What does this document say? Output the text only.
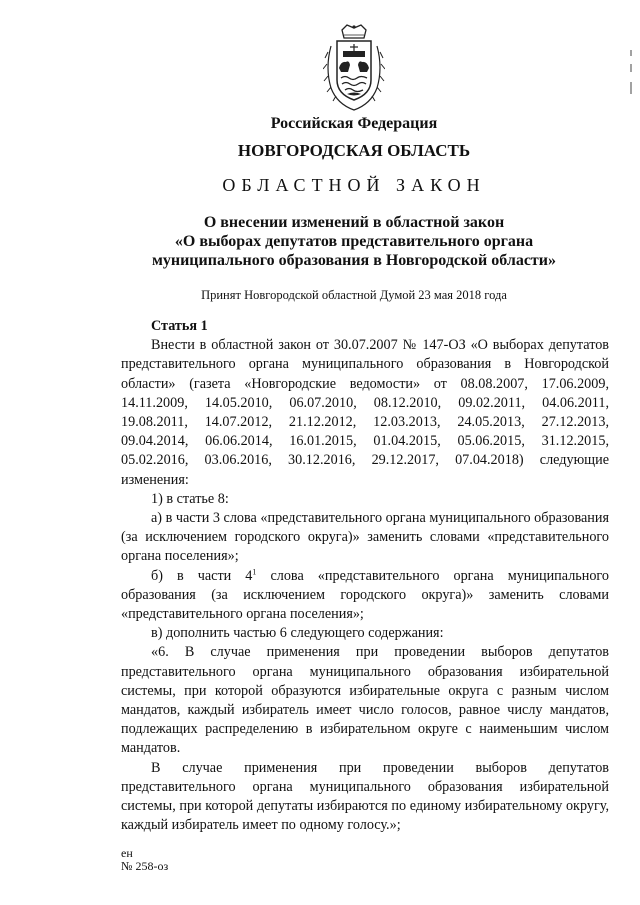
Российская Федерация
НОВГОРОДСКАЯ ОБЛАСТЬ
ОБЛАСТНОЙ ЗАКОН
О внесении изменений в областной закон
«О выборах депутатов представительного органа
муниципального образования в Новгородской области»
Принят Новгородской областной Думой 23 мая 2018 года

Статья 1

Внести в областной закон от 30.07.2007 № 147-ОЗ «О выборах депутатов представительного органа муниципального образования в Новгородской области» (газета «Новгородские ведомости» от 08.08.2007, 17.06.2009, 14.11.2009, 14.05.2010, 06.07.2010, 08.12.2010, 09.02.2011, 04.06.2011, 19.08.2011, 14.07.2012, 21.12.2012, 12.03.2013, 24.05.2013, 27.12.2013, 09.04.2014, 06.06.2014, 16.01.2015, 01.04.2015, 05.06.2015, 31.12.2015, 05.02.2016, 03.06.2016, 30.12.2016, 29.12.2017, 07.04.2018) следующие изменения:

1) в статье 8:

а) в части 3 слова «представительного органа муниципального образования (за исключением городского округа)» заменить словами «представительного органа поселения»;

б) в части $4^1$ слова «представительного органа муниципального образования (за исключением городского округа)» заменить словами «представительного органа поселения»;

в) дополнить частью 6 следующего содержания:

«6. В случае применения при проведении выборов депутатов представительного органа муниципального образования избирательной системы, при которой образуются избирательные округа с разным числом мандатов, каждый избиратель имеет число голосов, равное числу мандатов, подлежащих распределению в избирательном округе с наименьшим числом мандатов.

В случае применения при проведении выборов депутатов представительного органа муниципального образования избирательной системы, при которой депутаты избираются по единому избирательному округу, каждый избиратель имеет по одному голосу.»;

ен
№ 258-оз
